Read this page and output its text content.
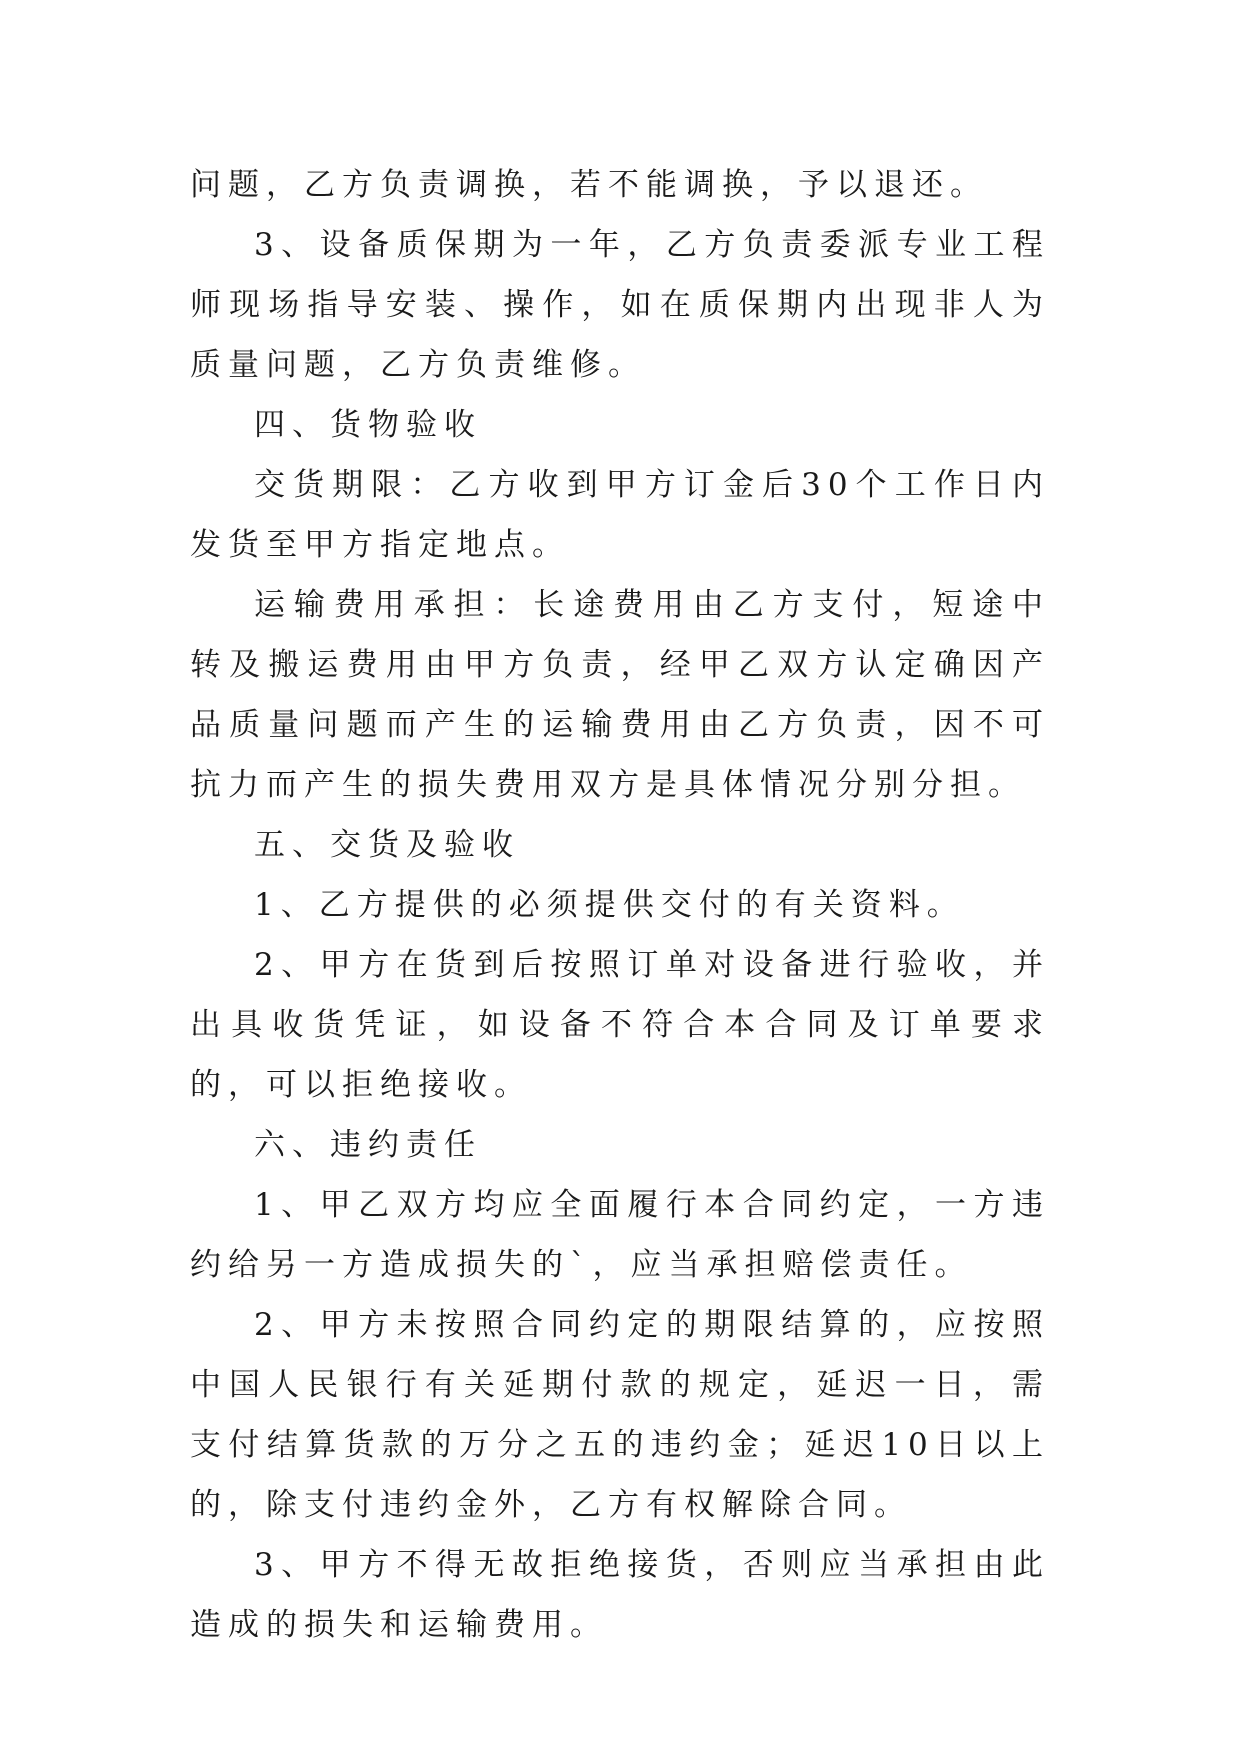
问题，乙方负责调换，若不能调换，予以退还。

3、设备质保期为一年，乙方负责委派专业工程师现场指导安装、操作，如在质保期内出现非人为质量问题，乙方负责维修。

四、货物验收

交货期限：乙方收到甲方订金后30个工作日内发货至甲方指定地点。

运输费用承担：长途费用由乙方支付，短途中转及搬运费用由甲方负责，经甲乙双方认定确因产品质量问题而产生的运输费用由乙方负责，因不可抗力而产生的损失费用双方是具体情况分别分担。

五、交货及验收

1、乙方提供的必须提供交付的有关资料。

2、甲方在货到后按照订单对设备进行验收，并出具收货凭证，如设备不符合本合同及订单要求的，可以拒绝接收。

六、违约责任

1、甲乙双方均应全面履行本合同约定，一方违约给另一方造成损失的`，应当承担赔偿责任。

2、甲方未按照合同约定的期限结算的，应按照中国人民银行有关延期付款的规定，延迟一日，需支付结算货款的万分之五的违约金；延迟10日以上的，除支付违约金外，乙方有权解除合同。

3、甲方不得无故拒绝接货，否则应当承担由此造成的损失和运输费用。
